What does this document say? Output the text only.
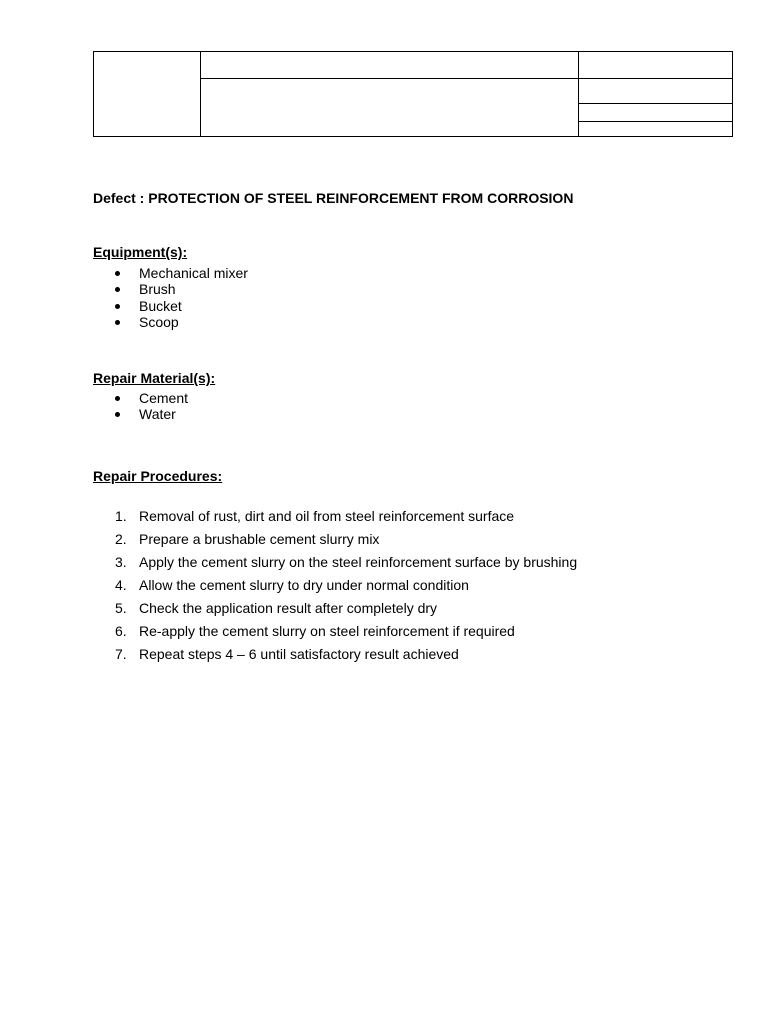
Defect : PROTECTION OF STEEL REINFORCEMENT FROM CORROSION
Equipment(s):
Mechanical mixer
Brush
Bucket
Scoop
Repair Material(s):
Cement
Water
Repair Procedures:
1. Removal of rust, dirt and oil from steel reinforcement surface
2. Prepare a brushable cement slurry mix
3. Apply the cement slurry on the steel reinforcement surface by brushing
4. Allow the cement slurry to dry under normal condition
5. Check the application result after completely dry
6. Re-apply the cement slurry on steel reinforcement if required
7. Repeat steps 4 – 6 until satisfactory result achieved
